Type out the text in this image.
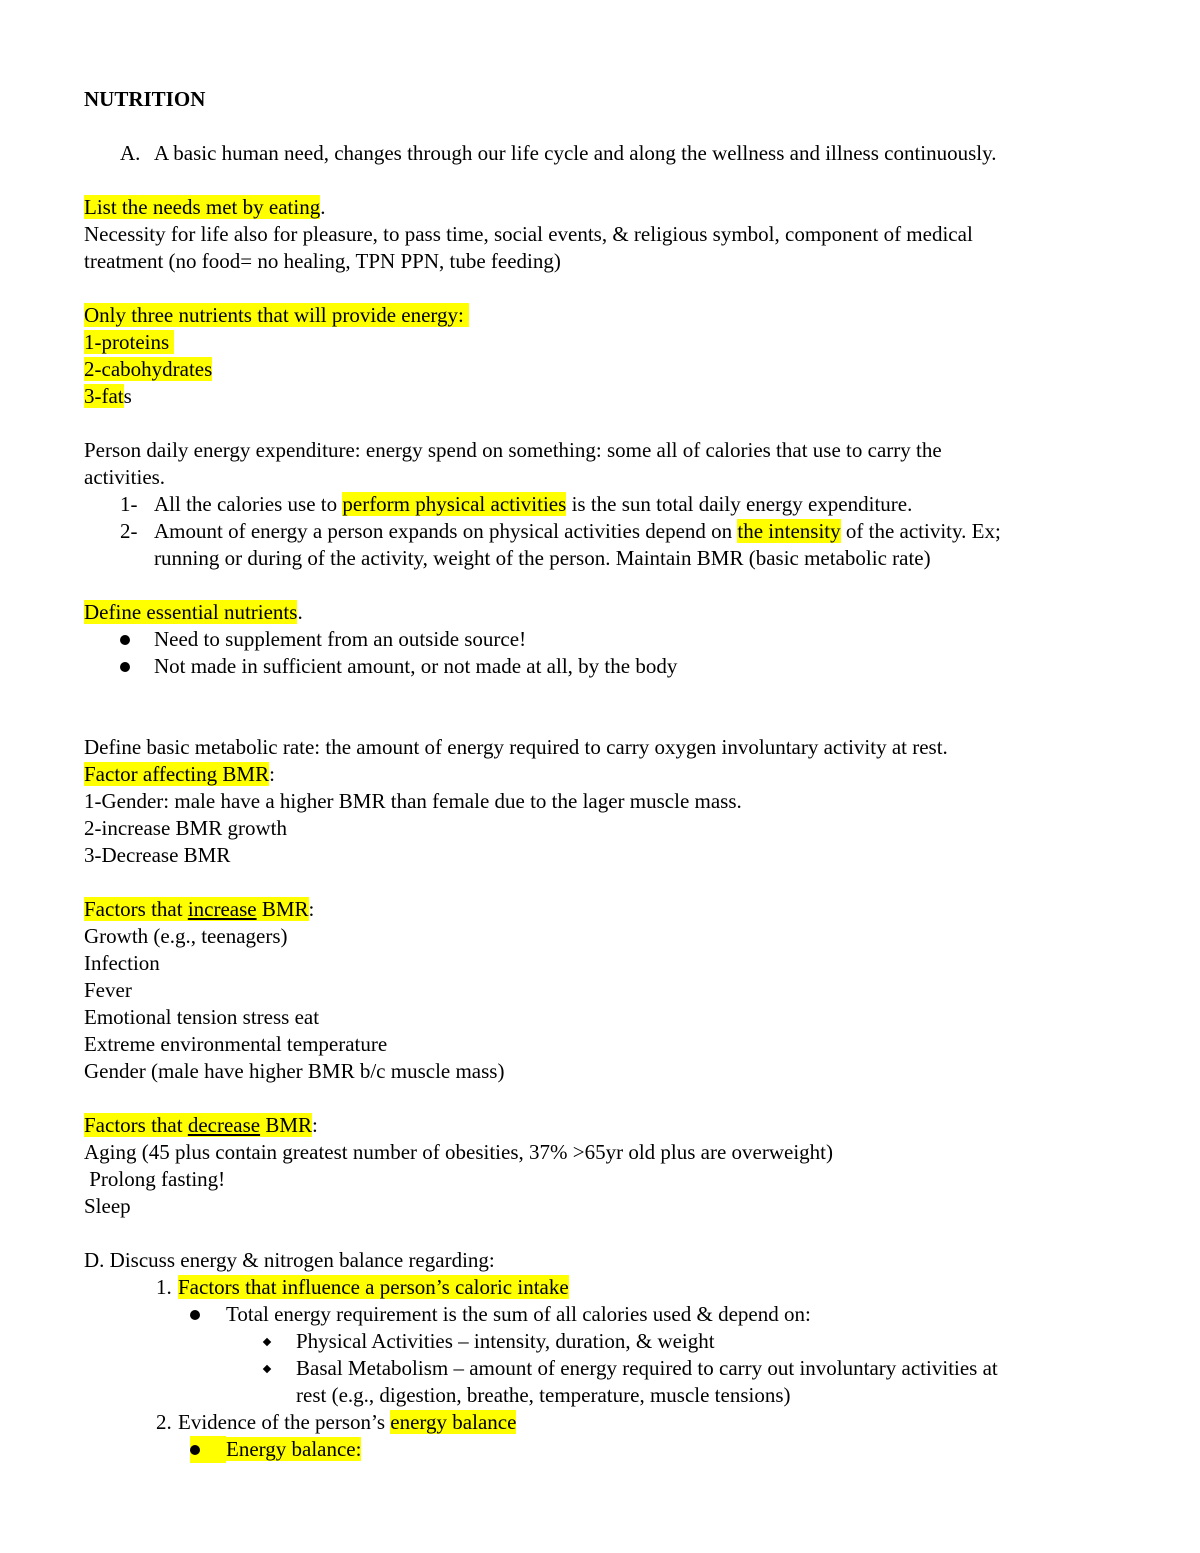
NUTRITION
A. A basic human need, changes through our life cycle and along the wellness and illness continuously.
List the needs met by eating.
Necessity for life also for pleasure, to pass time, social events, & religious symbol, component of medical
treatment (no food= no healing, TPN PPN, tube feeding)
Only three nutrients that will provide energy:
1-proteins
2-cabohydrates
3-fats
Person daily energy expenditure: energy spend on something: some all of calories that use to carry the
activities.
1- All the calories use to perform physical activities is the sun total daily energy expenditure.
2- Amount of energy a person expands on physical activities depend on the intensity of the activity. Ex;
running or during of the activity, weight of the person. Maintain BMR (basic metabolic rate)
Define essential nutrients.
Need to supplement from an outside source!
Not made in sufficient amount, or not made at all, by the body
Define basic metabolic rate: the amount of energy required to carry oxygen involuntary activity at rest.
Factor affecting BMR:
1-Gender: male have a higher BMR than female due to the lager muscle mass.
2-increase BMR growth
3-Decrease BMR
Factors that increase BMR:
Growth (e.g., teenagers)
Infection
Fever
Emotional tension stress eat
Extreme environmental temperature
Gender (male have higher BMR b/c muscle mass)
Factors that decrease BMR:
Aging (45 plus contain greatest number of obesities, 37% >65yr old plus are overweight)
Prolong fasting!
Sleep
D. Discuss energy & nitrogen balance regarding:
1. Factors that influence a person’s caloric intake
Total energy requirement is the sum of all calories used & depend on:
Physical Activities – intensity, duration, & weight
Basal Metabolism – amount of energy required to carry out involuntary activities at
rest (e.g., digestion, breathe, temperature, muscle tensions)
2. Evidence of the person’s energy balance
Energy balance:
